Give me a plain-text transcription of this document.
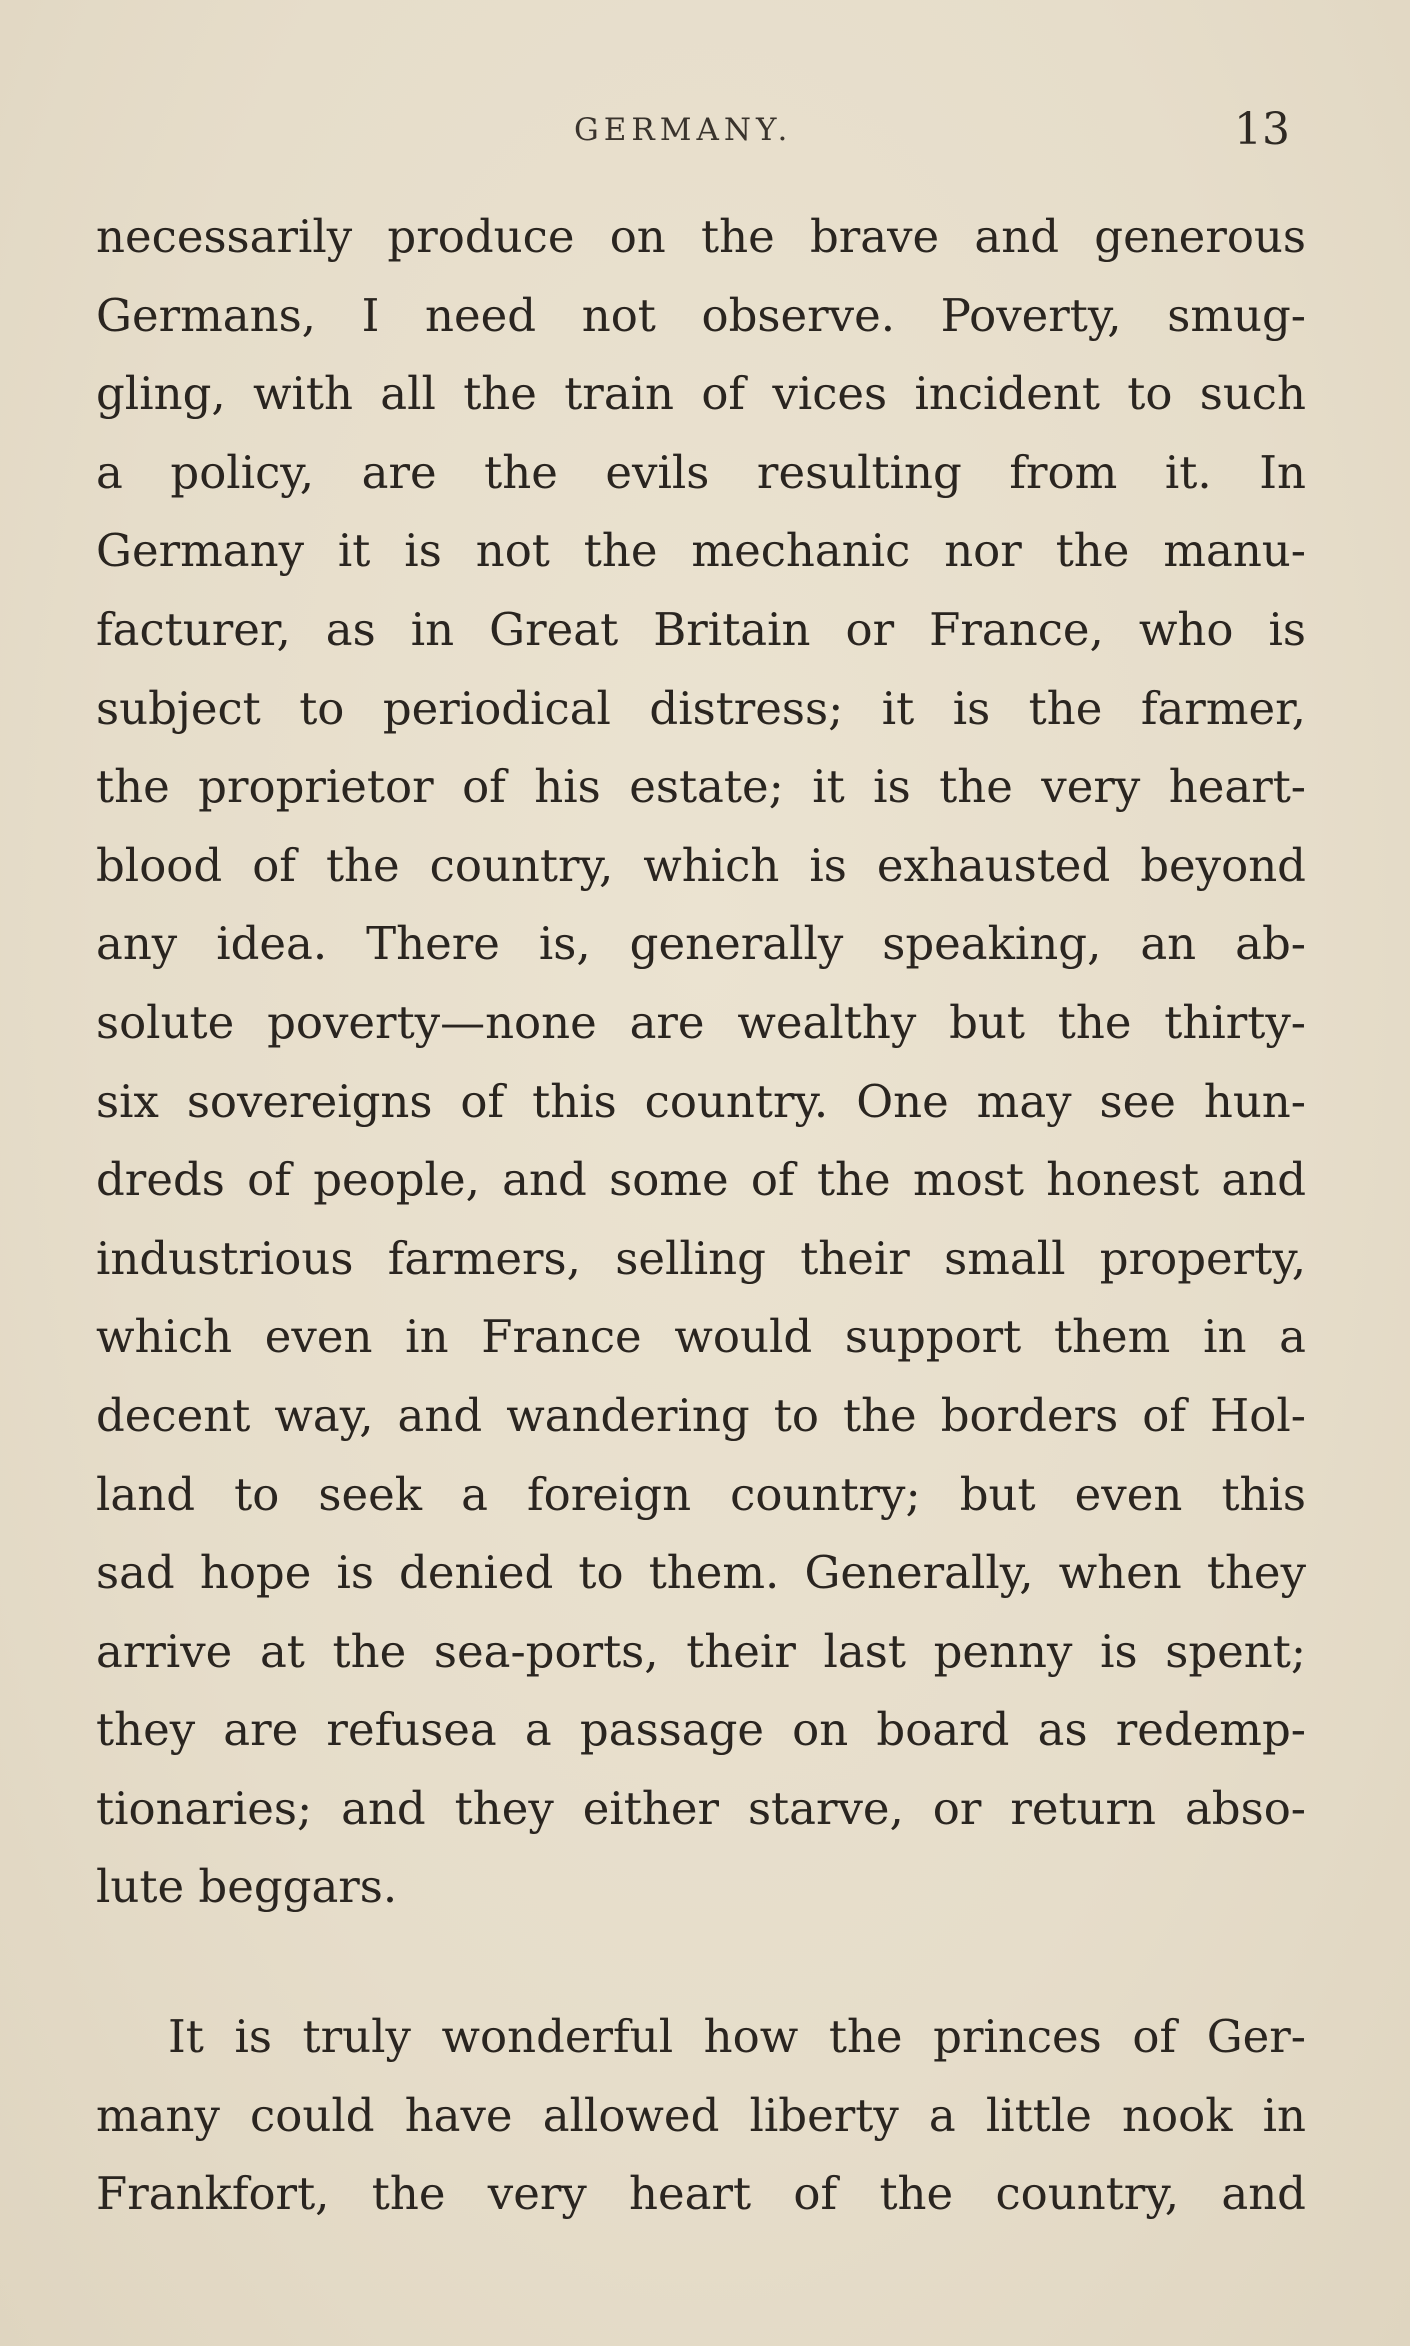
GERMANY.	13
necessarily produce on the brave and generous
Germans, I need not observe. Poverty, smug-
gling, with all the train of vices incident to such
a policy, are the evils resulting from it. In
Germany it is not the mechanic nor the manu-
facturer, as in Great Britain or France, who is
subject to periodical distress; it is the farmer,
the proprietor of his estate; it is the very heart-
blood of the country, which is exhausted beyond
any idea. There is, generally speaking, an ab-
solute poverty—none are wealthy but the thirty-
six sovereigns of this country. One may see hun-
dreds of people, and some of the most honest and
industrious farmers, selling their small property,
which even in France would support them in a
decent way, and wandering to the borders of Hol-
land to seek a foreign country; but even this
sad hope is denied to them. Generally, when they
arrive at the sea-ports, their last penny is spent;
they are refusea a passage on board as redemp-
tionaries; and they either starve, or return abso-
lute beggars.
It is truly wonderful how the princes of Ger-
many could have allowed liberty a little nook in
Frankfort, the very heart of the country, and
